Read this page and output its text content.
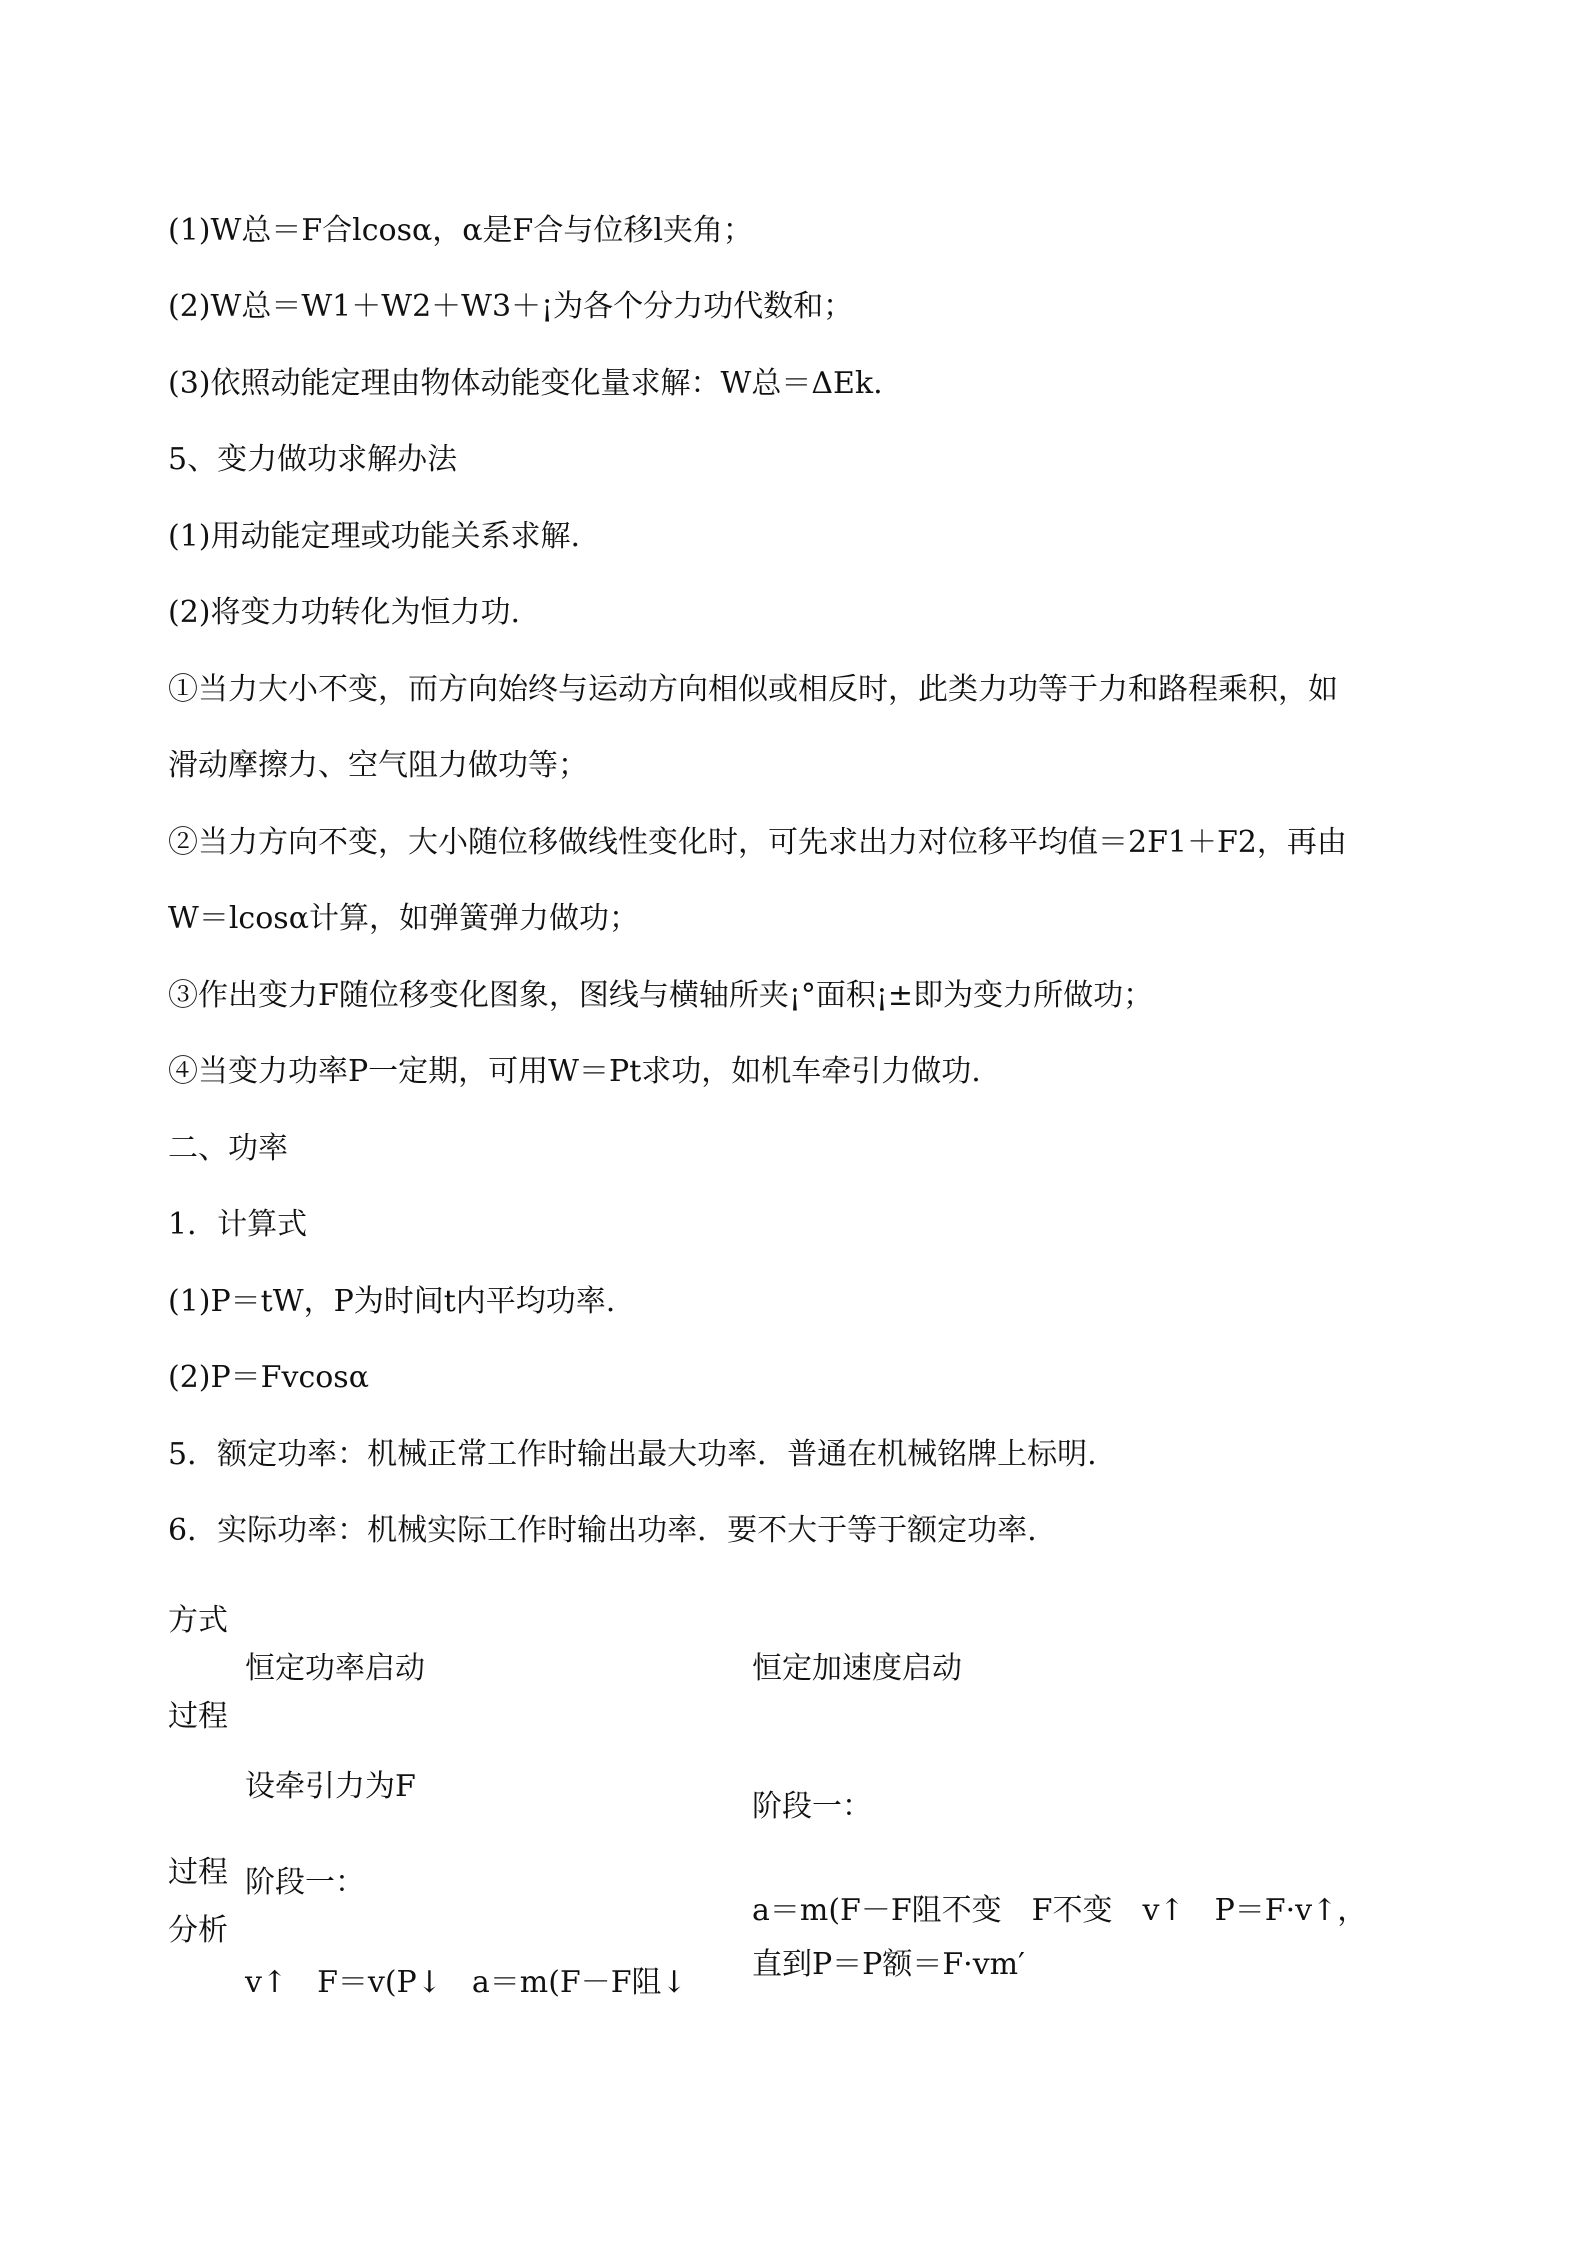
(1)W总＝F合lcosα，α是F合与位移l夹角；
(2)W总＝W1＋W2＋W3＋¡为各个分力功代数和；
(3)依照动能定理由物体动能变化量求解：W总＝ΔEk.
5、变力做功求解办法
(1)用动能定理或功能关系求解.
(2)将变力功转化为恒力功.
①当力大小不变，而方向始终与运动方向相似或相反时，此类力功等于力和路程乘积，如
滑动摩擦力、空气阻力做功等；
②当力方向不变，大小随位移做线性变化时，可先求出力对位移平均值＝2F1＋F2，再由
W＝lcosα计算，如弹簧弹力做功；
③作出变力F随位移变化图象，图线与横轴所夹¡°面积¡±即为变力所做功；
④当变力功率P一定期，可用W＝Pt求功，如机车牵引力做功.
二、功率
1．计算式
(1)P＝tW，P为时间t内平均功率.
(2)P＝Fvcosα
5．额定功率：机械正常工作时输出最大功率．普通在机械铭牌上标明.
6．实际功率：机械实际工作时输出功率．要不大于等于额定功率.
方式
恒定功率启动	恒定加速度启动
过程
设牵引力为F
阶段一：
过程 阶段一：
分析
a＝m(F－F阻不变　F不变　v↑　P＝F·v↑，
直到P＝P额＝F·vm′
v↑　F＝v(P↓　a＝m(F－F阻↓
